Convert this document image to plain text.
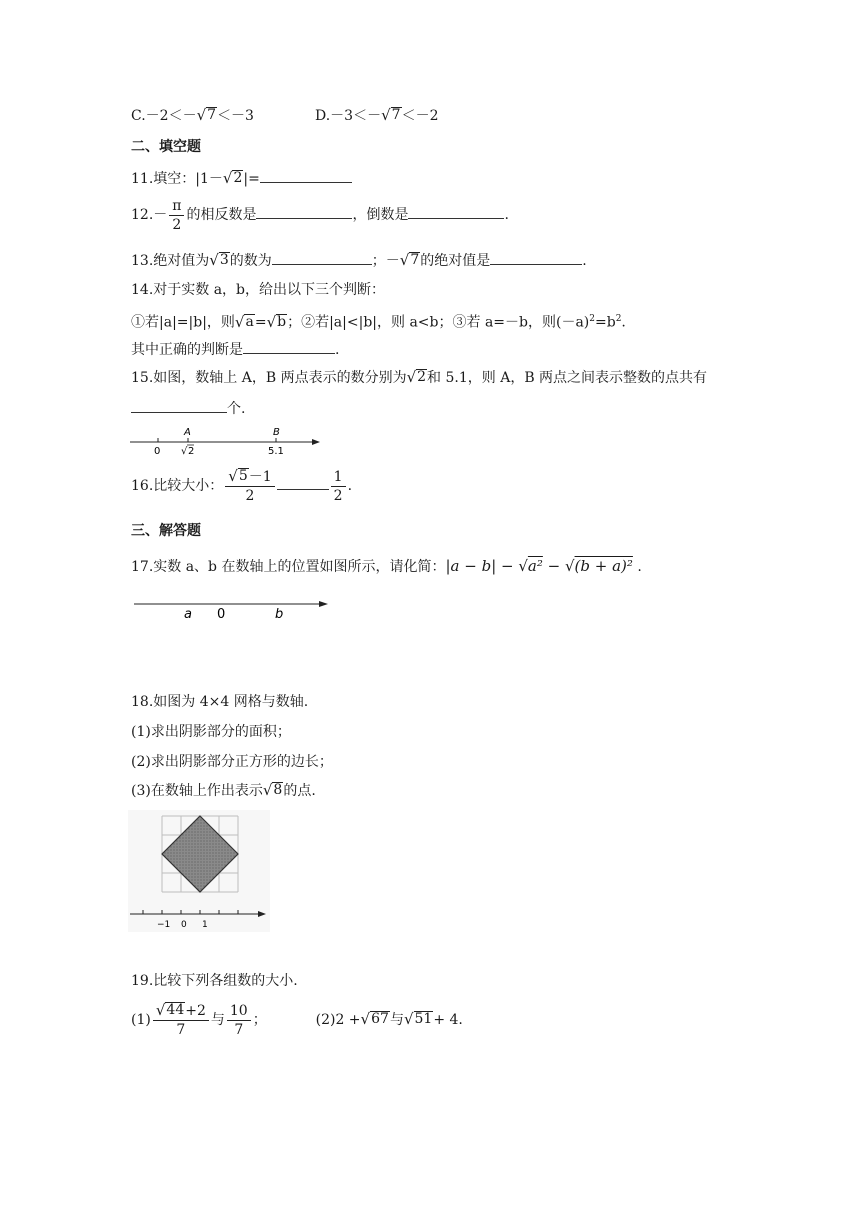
C.－2＜－ √ 7 ＜－3	D.－3＜－ √ 7 ＜－2
二、填空题
11.填空：|1－ √ 2 |=
$12.- \frac{\pi}{2}$ 的相反数是	，倒数是	.
13.绝对值为 √ 3 的数为	；－ √ 7 的绝对值是	.
14.对于实数 a，b，给出以下三个判断：
①若|a|=|b|，则 √ a = √ b ；②若|a|<|b|，则 a<b；③若 a=－b，则$(-a)^2=b^2$.
其中正确的判断是	.
15.如图，数轴上 A，B 两点表示的数分别为 √ 2 和 5.1，则 A，B 两点之间表示整数的点共有
个.
A	B
0 √ 2	5.1
16.比较大小： $\frac{√ 5 -1}{2}$	$\frac{1}{2}$ .
三、解答题
17.实数 a、b 在数轴上的位置如图所示，请化简：|a − b| − √a² − √(b + a)² .
a 0	b
18.如图为 4×4 网格与数轴.
(1)求出阴影部分的面积；
(2)求出阴影部分正方形的边长；
(3)在数轴上作出表示 √ 8 的点.
−1 0 1
19.比较下列各组数的大小.
$(1) \frac{√ 44 +2}{7}$ 与 $\frac{10}{7}$ ；	(2)2 + √ 67 与 √ 51 + 4.
